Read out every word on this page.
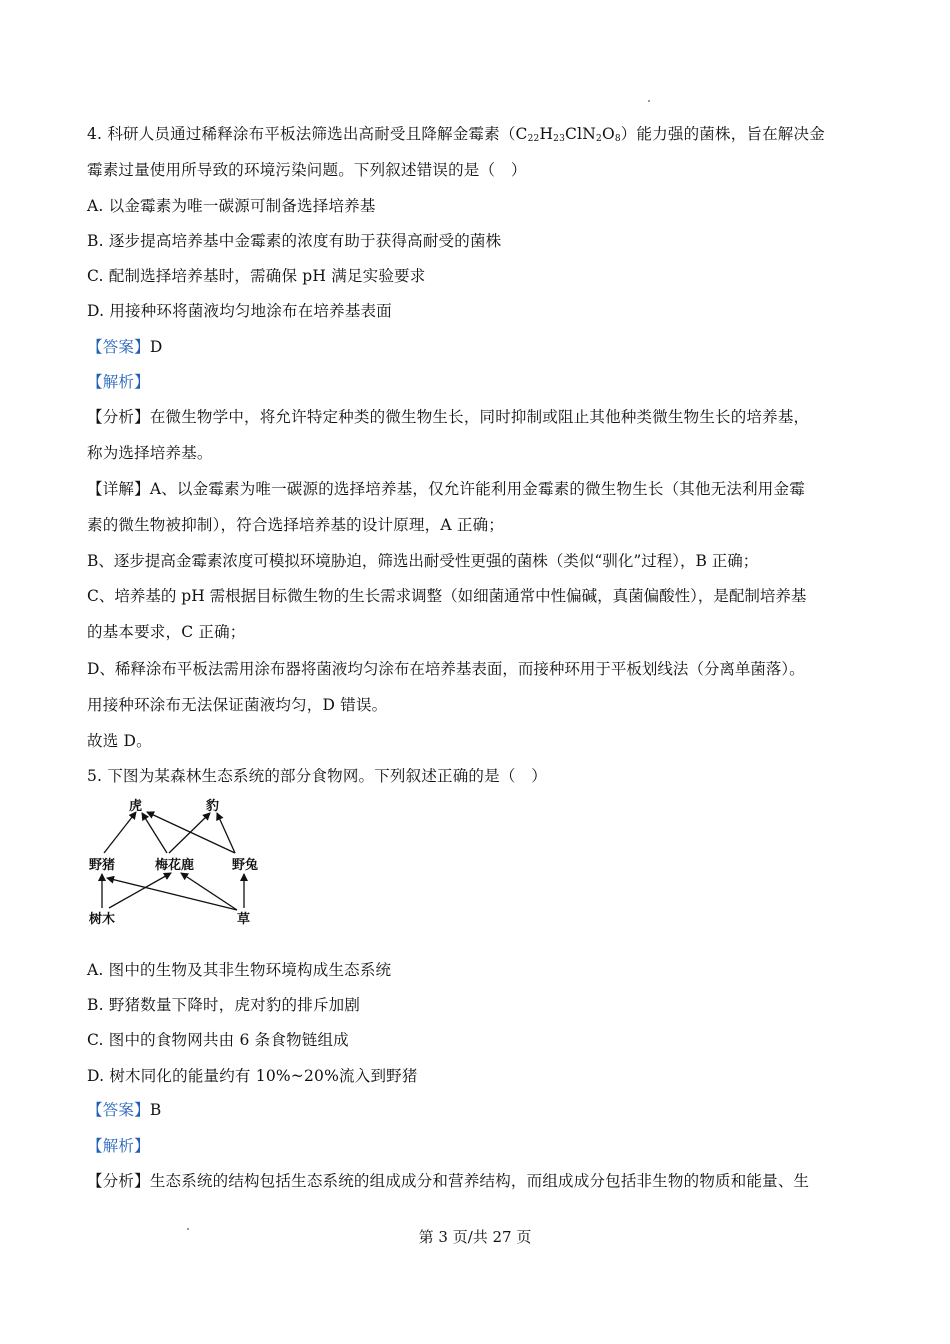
4. 科研人员通过稀释涂布平板法筛选出高耐受且降解金霉素$(C_{22}H_{23}ClN_2O_8)$能力强的菌株，旨在解决金
霉素过量使用所导致的环境污染问题。下列叙述错误的是（　）
A. 以金霉素为唯一碳源可制备选择培养基
B. 逐步提高培养基中金霉素的浓度有助于获得高耐受的菌株
C. 配制选择培养基时，需确保 pH 满足实验要求
D. 用接种环将菌液均匀地涂布在培养基表面
【答案】D
【解析】
【分析】在微生物学中，将允许特定种类的微生物生长，同时抑制或阻止其他种类微生物生长的培养基，
称为选择培养基。
【详解】A、以金霉素为唯一碳源的选择培养基，仅允许能利用金霉素的微生物生长（其他无法利用金霉
素的微生物被抑制），符合选择培养基的设计原理，A 正确；
B、逐步提高金霉素浓度可模拟环境胁迫，筛选出耐受性更强的菌株（类似“驯化”过程），B 正确；
C、培养基的 pH 需根据目标微生物的生长需求调整（如细菌通常中性偏碱，真菌偏酸性），是配制培养基
的基本要求，C 正确；
D、稀释涂布平板法需用涂布器将菌液均匀涂布在培养基表面，而接种环用于平板划线法（分离单菌落）。
用接种环涂布无法保证菌液均匀，D 错误。
故选 D。
5. 下图为某森林生态系统的部分食物网。下列叙述正确的是（　）
虎	豹
野猪	梅花鹿	野兔
树木	草
A. 图中的生物及其非生物环境构成生态系统
B. 野猪数量下降时，虎对豹的排斥加剧
C. 图中的食物网共由 6 条食物链组成
D. 树木同化的能量约有 10%~20%流入到野猪
【答案】B
【解析】
【分析】生态系统的结构包括生态系统的组成成分和营养结构，而组成成分包括非生物的物质和能量、生
第 3 页/共 27 页
